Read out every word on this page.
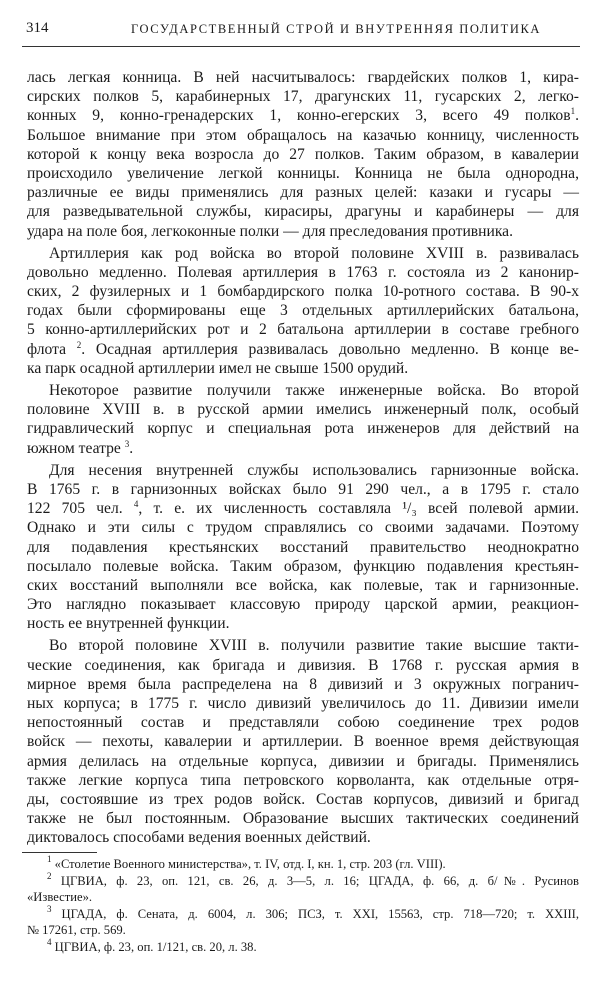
314	ГОСУДАРСТВЕННЫЙ СТРОЙ И ВНУТРЕННЯЯ ПОЛИТИКА
лась легкая конница. В ней насчитывалось: гвардейских полков 1, кира-
сирских полков 5, карабинерных 17, драгунских 11, гусарских 2, легко-
конных 9, конно-гренадерских 1, конно-егерских 3, всего 49 полков$^1$.
Большое внимание при этом обращалось на казачью конницу, численность
которой к концу века возросла до 27 полков. Таким образом, в кавалерии
происходило увеличение легкой конницы. Конница не была однородна,
различные ее виды применялись для разных целей: казаки и гусары —
для разведывательной службы, кирасиры, драгуны и карабинеры — для
удара на поле боя, легкоконные полки — для преследования противника.
Артиллерия как род войска во второй половине XVIII в. развивалась
довольно медленно. Полевая артиллерия в 1763 г. состояла из 2 канонир-
ских, 2 фузилерных и 1 бомбардирского полка 10-ротного состава. В 90-х
годах были сформированы еще 3 отдельных артиллерийских батальона,
5 конно-артиллерийских рот и 2 батальона артиллерии в составе гребного
флота $^2$. Осадная артиллерия развивалась довольно медленно. В конце ве-
ка парк осадной артиллерии имел не свыше 1500 орудий.
Некоторое развитие получили также инженерные войска. Во второй
половине XVIII в. в русской армии имелись инженерный полк, особый
гидравлический корпус и специальная рота инженеров для действий на
южном театре $^3$.
Для несения внутренней службы использовались гарнизонные войска.
В 1765 г. в гарнизонных войсках было 91 290 чел., а в 1795 г. стало
122 705 чел. $^4$, т. е. их численность составляла ¹/₃ всей полевой армии.
Однако и эти силы с трудом справлялись со своими задачами. Поэтому
для подавления крестьянских восстаний правительство неоднократно
посылало полевые войска. Таким образом, функцию подавления крестьян-
ских восстаний выполняли все войска, как полевые, так и гарнизонные.
Это наглядно показывает классовую природу царской армии, реакцион-
ность ее внутренней функции.
Во второй половине XVIII в. получили развитие такие высшие такти-
ческие соединения, как бригада и дивизия. В 1768 г. русская армия в
мирное время была распределена на 8 дивизий и 3 окружных погранич-
ных корпуса; в 1775 г. число дивизий увеличилось до 11. Дивизии имели
непостоянный состав и представляли собою соединение трех родов
войск — пехоты, кавалерии и артиллерии. В военное время действующая
армия делилась на отдельные корпуса, дивизии и бригады. Применялись
также легкие корпуса типа петровского корволанта, как отдельные отря-
ды, состоявшие из трех родов войск. Состав корпусов, дивизий и бригад
также не был постоянным. Образование высших тактических соединений
диктовалось способами ведения военных действий.
$^1$ «Столетие Военного министерства», т. IV, отд. I, кн. 1, стр. 203 (гл. VIII).
$^2$ ЦГВИА, ф. 23, оп. 121, св. 26, д. 3—5, л. 16; ЦГАДА, ф. 66, д. б/№. Русинов
«Известие».
$^3$ ЦГАДА, ф. Сената, д. 6004, л. 306; ПСЗ, т. XXI, 15563, стр. 718—720; т. XXIII,
№ 17261, стр. 569.
$^4$ ЦГВИА, ф. 23, оп. 1/121, св. 20, л. 38.
